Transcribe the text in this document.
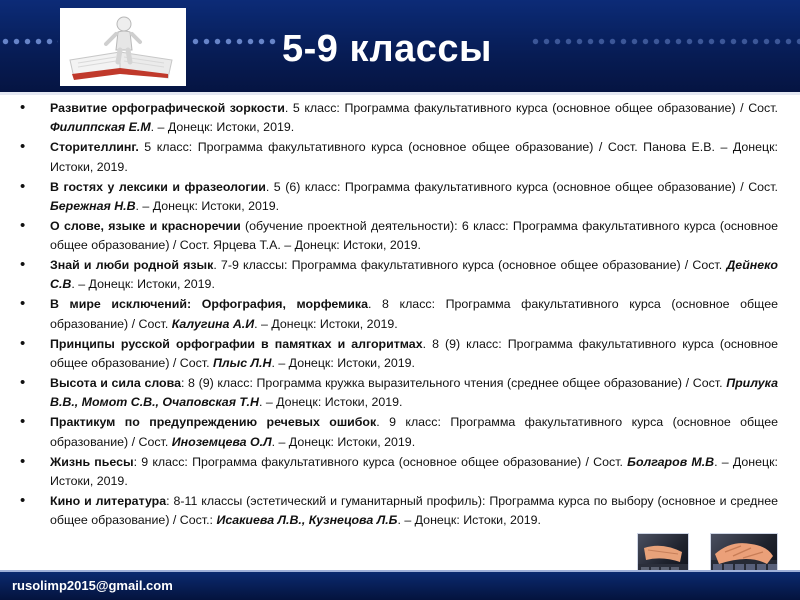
5-9 классы
• Развитие орфографической зоркости. 5 класс: Программа факультативного курса (основное общее образование) / Сост. Филиппская Е.М. – Донецк: Истоки, 2019.
• Сторителлинг. 5 класс: Программа факультативного курса (основное общее образование) / Сост. Панова Е.В. – Донецк: Истоки, 2019.
• В гостях у лексики и фразеологии. 5 (6) класс: Программа факультативного курса (основное общее образование) / Сост. Бережная Н.В. – Донецк: Истоки, 2019.
• О слове, языке и красноречии (обучение проектной деятельности): 6 класс: Программа факультативного курса (основное общее образование) / Сост. Ярцева Т.А. – Донецк: Истоки, 2019.
• Знай и люби родной язык. 7-9 классы: Программа факультативного курса (основное общее образование) / Сост. Дейнеко С.В. – Донецк: Истоки, 2019.
• В мире исключений: Орфография, морфемика. 8 класс: Программа факультативного курса (основное общее образование) / Сост. Калугина А.И. – Донецк: Истоки, 2019.
• Принципы русской орфографии в памятках и алгоритмах. 8 (9) класс: Программа факультативного курса (основное общее образование) / Сост. Плыс Л.Н. – Донецк: Истоки, 2019.
• Высота и сила слова: 8 (9) класс: Программа кружка выразительного чтения (среднее общее образование) / Сост. Прилука В.В., Момот С.В., Очаповская Т.Н. – Донецк: Истоки, 2019.
• Практикум по предупреждению речевых ошибок. 9 класс: Программа факультативного курса (основное общее образование) / Сост. Иноземцева О.Л. – Донецк: Истоки, 2019.
• Жизнь пьесы: 9 класс: Программа факультативного курса (основное общее образование) / Сост. Болгаров М.В. – Донецк: Истоки, 2019.
• Кино и литература: 8-11 классы (эстетический и гуманитарный профиль): Программа курса по выбору (основное и среднее общее образование) / Сост.: Исакиева Л.В., Кузнецова Л.Б. – Донецк: Истоки, 2019.
rusolimp2015@gmail.com
